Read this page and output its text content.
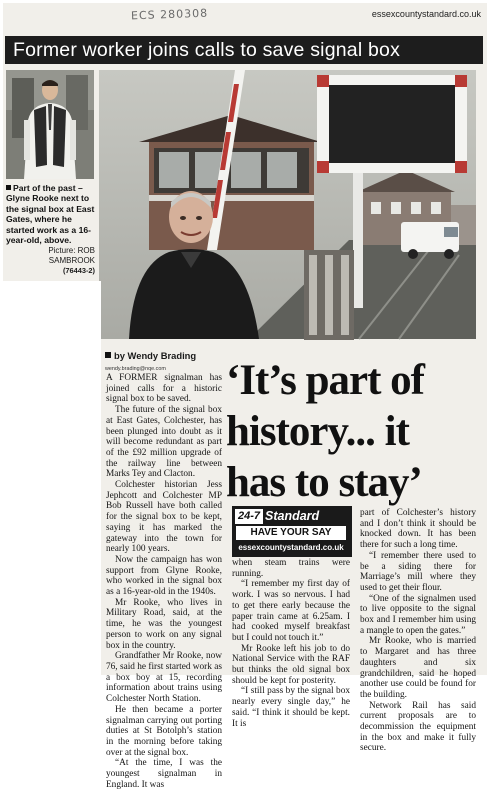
ECS 280308	essexcountystandard.co.uk
Former worker joins calls to save signal box
Part of the past – Glyne Rooke next to the signal box at East Gates, where he started work as a 16-year-old, above.
Picture: ROB
SAMBROOK
(76443-2)
by Wendy Brading
wendy.brading@nqe.com	‘It’s part of
history... it
has to stay’

A FORMER signalman has joined calls for a historic signal box to be saved.

The future of the signal box at East Gates, Colchester, has been plunged into doubt as it will become redundant as part of the £92 million upgrade of the railway line between Marks Tey and Clacton.

Colchester historian Jess Jephcott and Colchester MP Bob Russell have both called for the signal box to be kept, saying it has marked the gateway into the town for nearly 100 years.

Now the campaign has won support from Glyne Rooke, who worked in the signal box as a 16-year-old in the 1940s.

Mr Rooke, who lives in Military Road, said, at the time, he was the youngest person to work on any signal box in the country.

Grandfather Mr Rooke, now 76, said he first started work as a box boy at 15, recording information about trains using Colchester North Station.

He then became a porter signalman carrying out porting duties at St Botolph’s station in the morning before taking over at the signal box.

“At the time, I was the youngest signalman in England. It was

24-7 Standard
HAVE YOUR SAY
essexcountystandard.co.uk

when steam trains were running.

“I remember my first day of work. I was so nervous. I had to get there early because the paper train came at 6.25am. I had cooked myself breakfast but I could not touch it.”

Mr Rooke left his job to do National Service with the RAF but thinks the old signal box should be kept for posterity.

“I still pass by the signal box nearly every single day,” he said. “I think it should be kept. It is

part of Colchester’s history and I don’t think it should be knocked down. It has been there for such a long time.

“I remember there used to be a siding there for Marriage’s mill where they used to get their flour.

“One of the signalmen used to live opposite to the signal box and I remember him using a mangle to open the gates.”

Mr Rooke, who is married to Margaret and has three daughters and six grandchildren, said he hoped another use could be found for the building.

Network Rail has said current proposals are to decommission the equipment in the box and make it fully secure.
